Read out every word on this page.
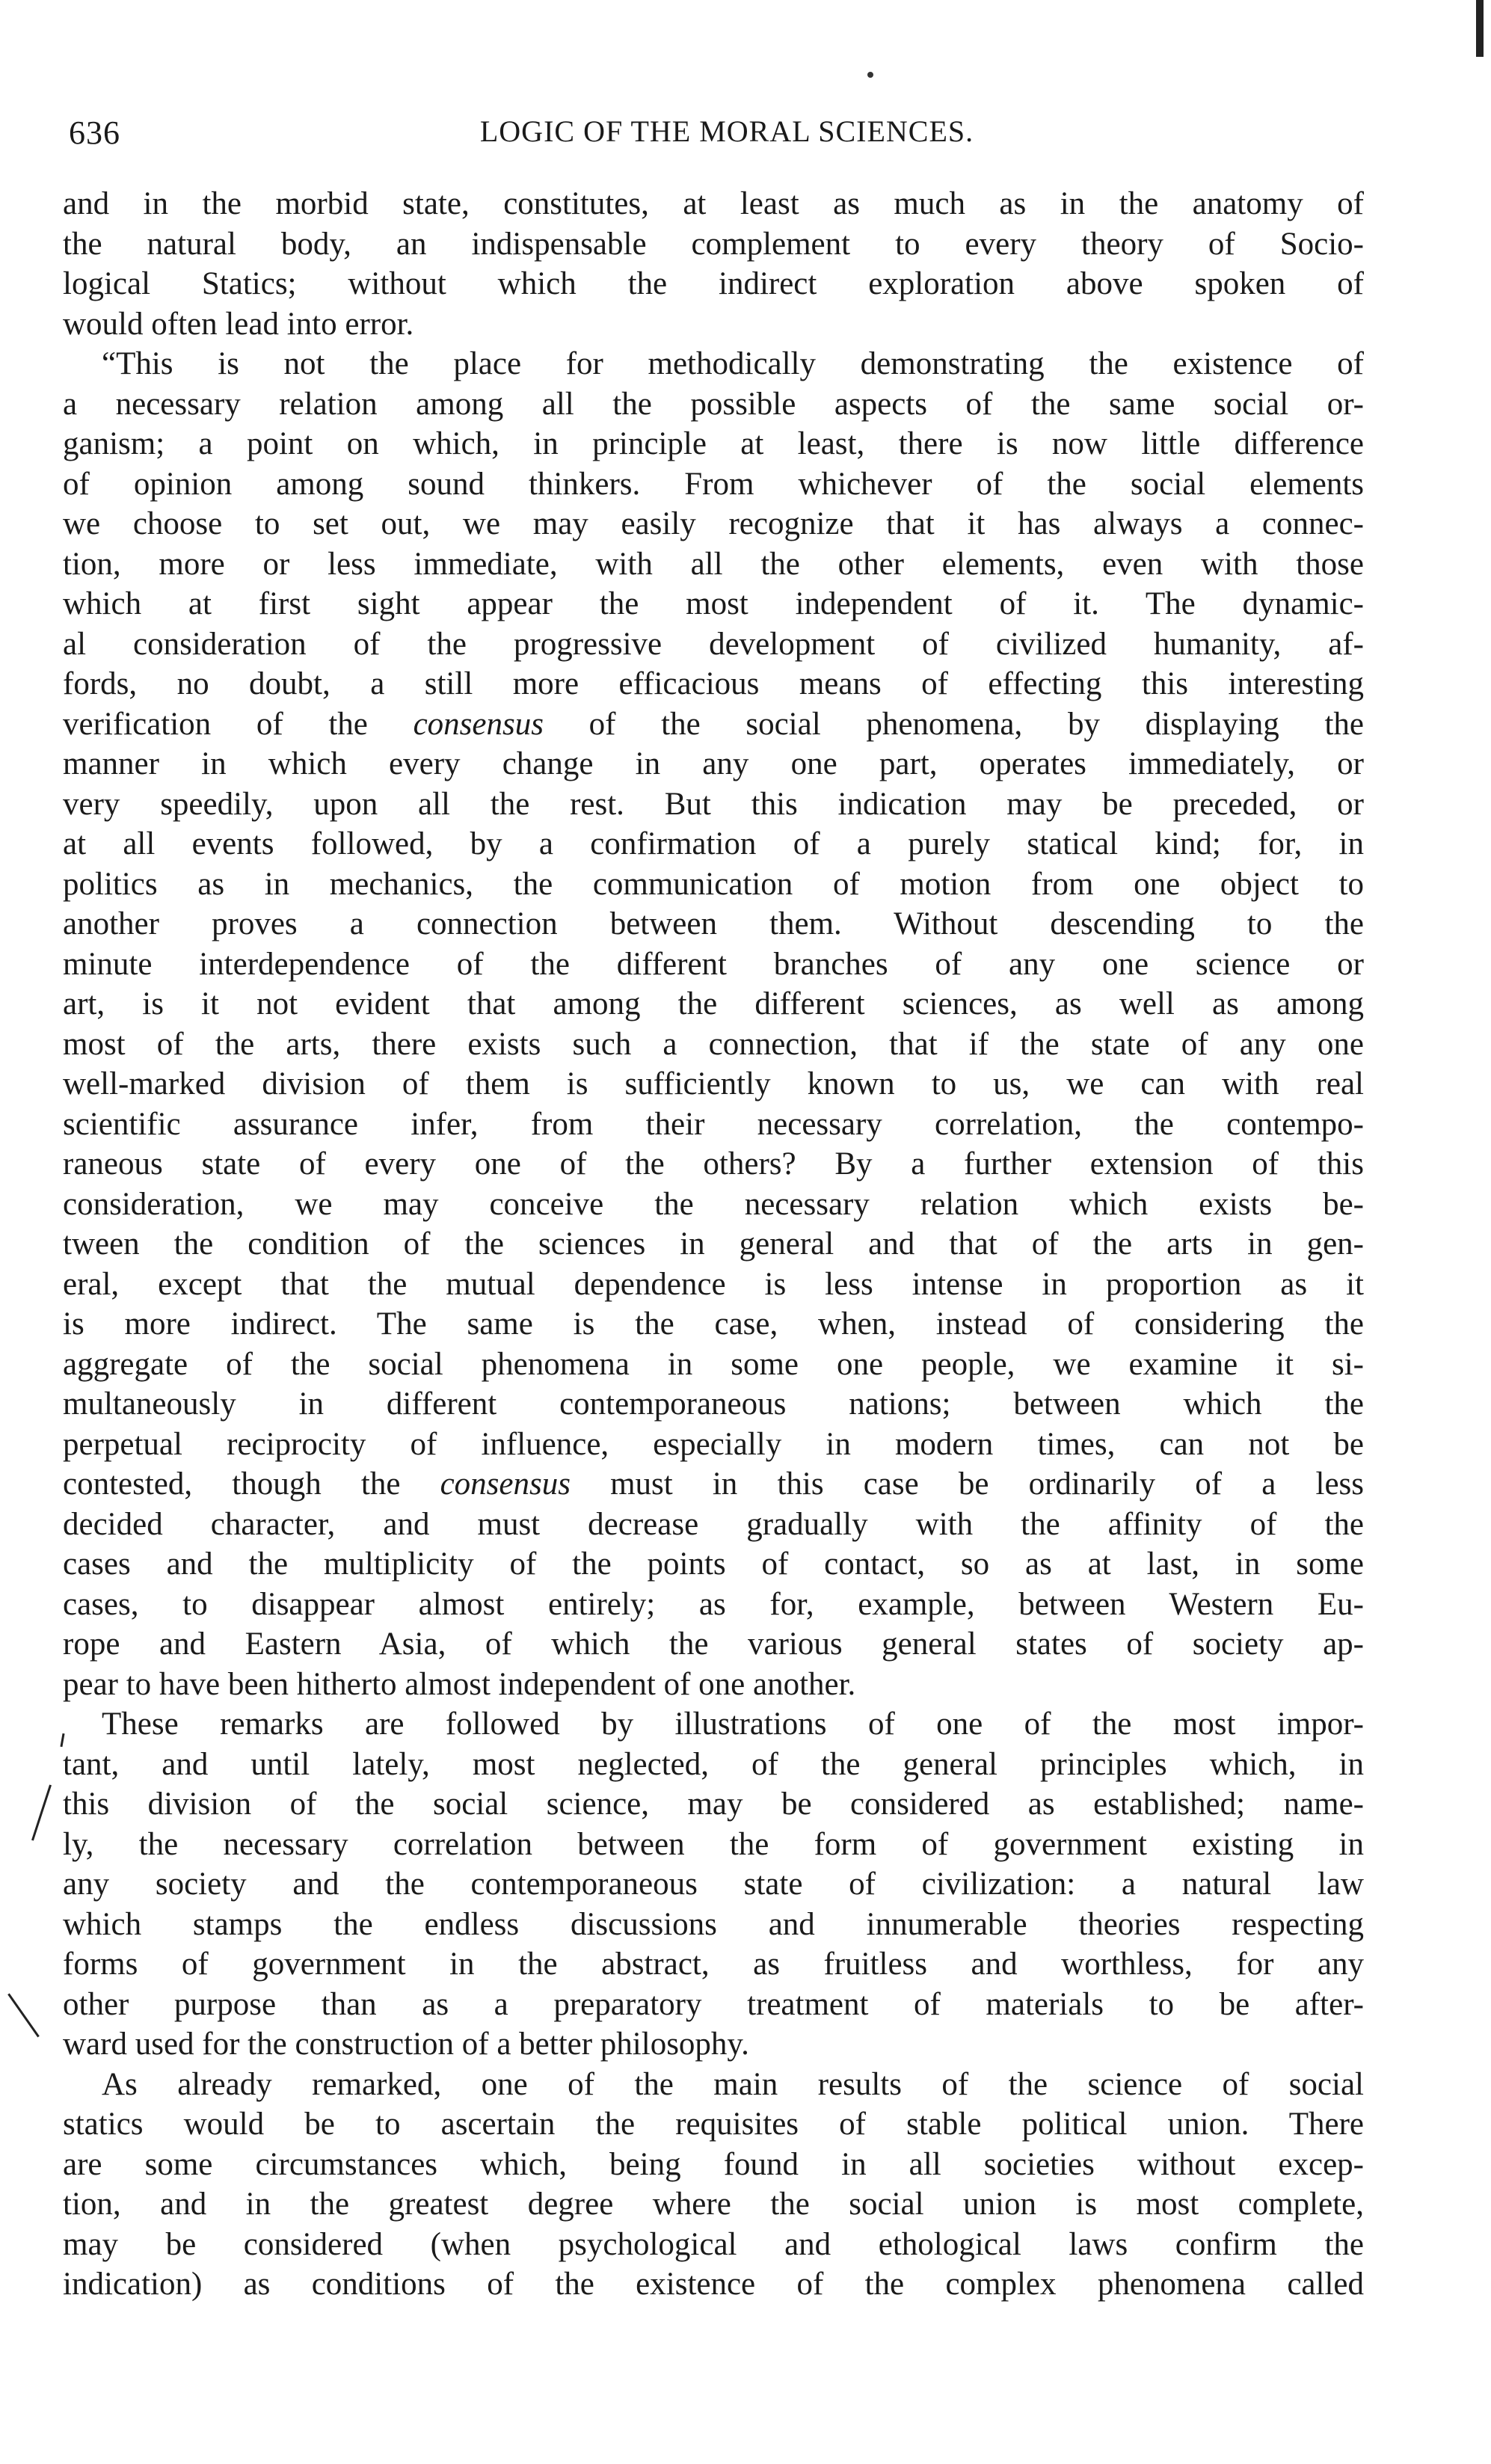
636	LOGIC OF THE MORAL SCIENCES.
and in the morbid state, constitutes, at least as much as in the anatomy of
the natural body, an indispensable complement to every theory of Socio-
logical Statics; without which the indirect exploration above spoken of
would often lead into error.
“This is not the place for methodically demonstrating the existence of
a necessary relation among all the possible aspects of the same social or-
ganism; a point on which, in principle at least, there is now little difference
of opinion among sound thinkers. From whichever of the social elements
we choose to set out, we may easily recognize that it has always a connec-
tion, more or less immediate, with all the other elements, even with those
which at first sight appear the most independent of it. The dynamic-
al consideration of the progressive development of civilized humanity, af-
fords, no doubt, a still more efficacious means of effecting this interesting
verification of the consensus of the social phenomena, by displaying the
manner in which every change in any one part, operates immediately, or
very speedily, upon all the rest. But this indication may be preceded, or
at all events followed, by a confirmation of a purely statical kind; for, in
politics as in mechanics, the communication of motion from one object to
another proves a connection between them. Without descending to the
minute interdependence of the different branches of any one science or
art, is it not evident that among the different sciences, as well as among
most of the arts, there exists such a connection, that if the state of any one
well-marked division of them is sufficiently known to us, we can with real
scientific assurance infer, from their necessary correlation, the contempo-
raneous state of every one of the others? By a further extension of this
consideration, we may conceive the necessary relation which exists be-
tween the condition of the sciences in general and that of the arts in gen-
eral, except that the mutual dependence is less intense in proportion as it
is more indirect. The same is the case, when, instead of considering the
aggregate of the social phenomena in some one people, we examine it si-
multaneously in different contemporaneous nations; between which the
perpetual reciprocity of influence, especially in modern times, can not be
contested, though the consensus must in this case be ordinarily of a less
decided character, and must decrease gradually with the affinity of the
cases and the multiplicity of the points of contact, so as at last, in some
cases, to disappear almost entirely; as for, example, between Western Eu-
rope and Eastern Asia, of which the various general states of society ap-
pear to have been hitherto almost independent of one another.
These remarks are followed by illustrations of one of the most impor-
tant, and until lately, most neglected, of the general principles which, in
this division of the social science, may be considered as established; name-
ly, the necessary correlation between the form of government existing in
any society and the contemporaneous state of civilization: a natural law
which stamps the endless discussions and innumerable theories respecting
forms of government in the abstract, as fruitless and worthless, for any
other purpose than as a preparatory treatment of materials to be after-
ward used for the construction of a better philosophy.
As already remarked, one of the main results of the science of social
statics would be to ascertain the requisites of stable political union. There
are some circumstances which, being found in all societies without excep-
tion, and in the greatest degree where the social union is most complete,
may be considered (when psychological and ethological laws confirm the
indication) as conditions of the existence of the complex phenomena called
